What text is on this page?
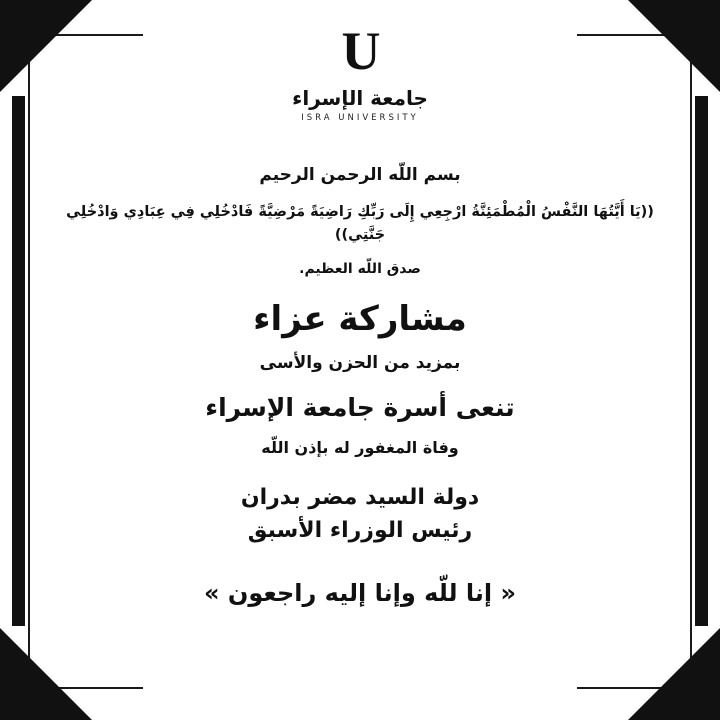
U
جامعة الإسراء
ISRA UNIVERSITY
بسم اللّه الرحمن الرحيم
((يَا أَيَّتُهَا النَّفْسُ الْمُطْمَئِنَّةُ ارْجِعِي إِلَى رَبِّكِ رَاضِيَةً مَرْضِيَّةً فَادْخُلِي فِي عِبَادِي وَادْخُلِي جَنَّتِي))
صدق اللّه العظيم.
مشاركة عزاء
بمزيد من الحزن والأسى
تنعى أسرة جامعة الإسراء
وفاة المغفور له بإذن اللّه
دولة السيد مضر بدران
رئيس الوزراء الأسبق
« إنا للّه وإنا إليه راجعون »
